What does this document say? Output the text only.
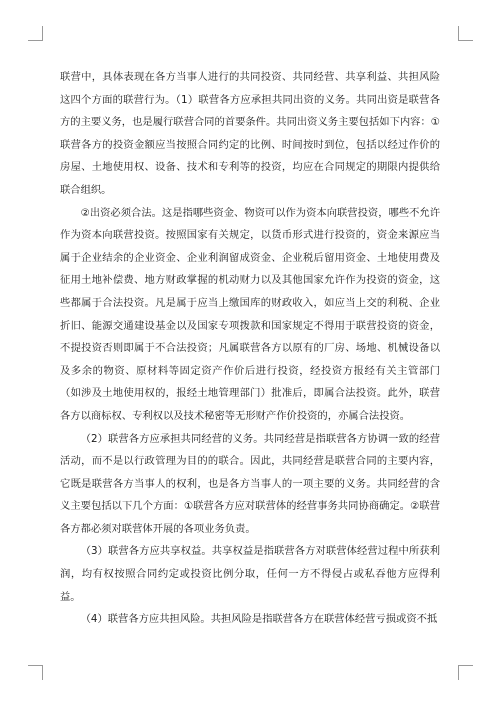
联营中，具体表现在各方当事人进行的共同投资、共同经营、共享利益、共担风险这四个方面的联营行为。（1）联营各方应承担共同出资的义务。共同出资是联营各方的主要义务，也是履行联营合同的首要条件。共同出资义务主要包括如下内容：①联营各方的投资金额应当按照合同约定的比例、时间按时到位，包括以经过作价的房屋、土地使用权、设备、技术和专利等的投资，均应在合同规定的期限内提供给联合组织。

②出资必须合法。这是指哪些资金、物资可以作为资本向联营投资，哪些不允许作为资本向联营投资。按照国家有关规定，以货币形式进行投资的，资金来源应当属于企业结余的企业资金、企业利润留成资金、企业税后留用资金、土地使用费及征用土地补偿费、地方财政掌握的机动财力以及其他国家允许作为投资的资金，这些都属于合法投资。凡是属于应当上缴国库的财政收入，如应当上交的利税、企业折旧、能源交通建设基金以及国家专项拨款和国家规定不得用于联营投资的资金，不提投资否则即属于不合法投资；凡属联营各方以原有的厂房、场地、机械设备以及多余的物资、原材料等固定资产作价后进行投资，经投资方报经有关主管部门（如涉及土地使用权的，报经土地管理部门）批准后，即属合法投资。此外，联营各方以商标权、专利权以及技术秘密等无形财产作价投资的，亦属合法投资。

（2）联营各方应承担共同经营的义务。共同经营是指联营各方协调一致的经营活动，而不是以行政管理为目的的联合。因此，共同经营是联营合同的主要内容，它既是联营各方当事人的权利，也是各方当事人的一项主要的义务。共同经营的含义主要包括以下几个方面：①联营各方应对联营体的经营事务共同协商确定。②联营各方都必须对联营体开展的各项业务负责。

（3）联营各方应共享权益。共享权益是指联营各方对联营体经营过程中所获利润，均有权按照合同约定或投资比例分取，任何一方不得侵占或私吞他方应得利益。

（4）联营各方应共担风险。共担风险是指联营各方在联营体经营亏损或资不抵
